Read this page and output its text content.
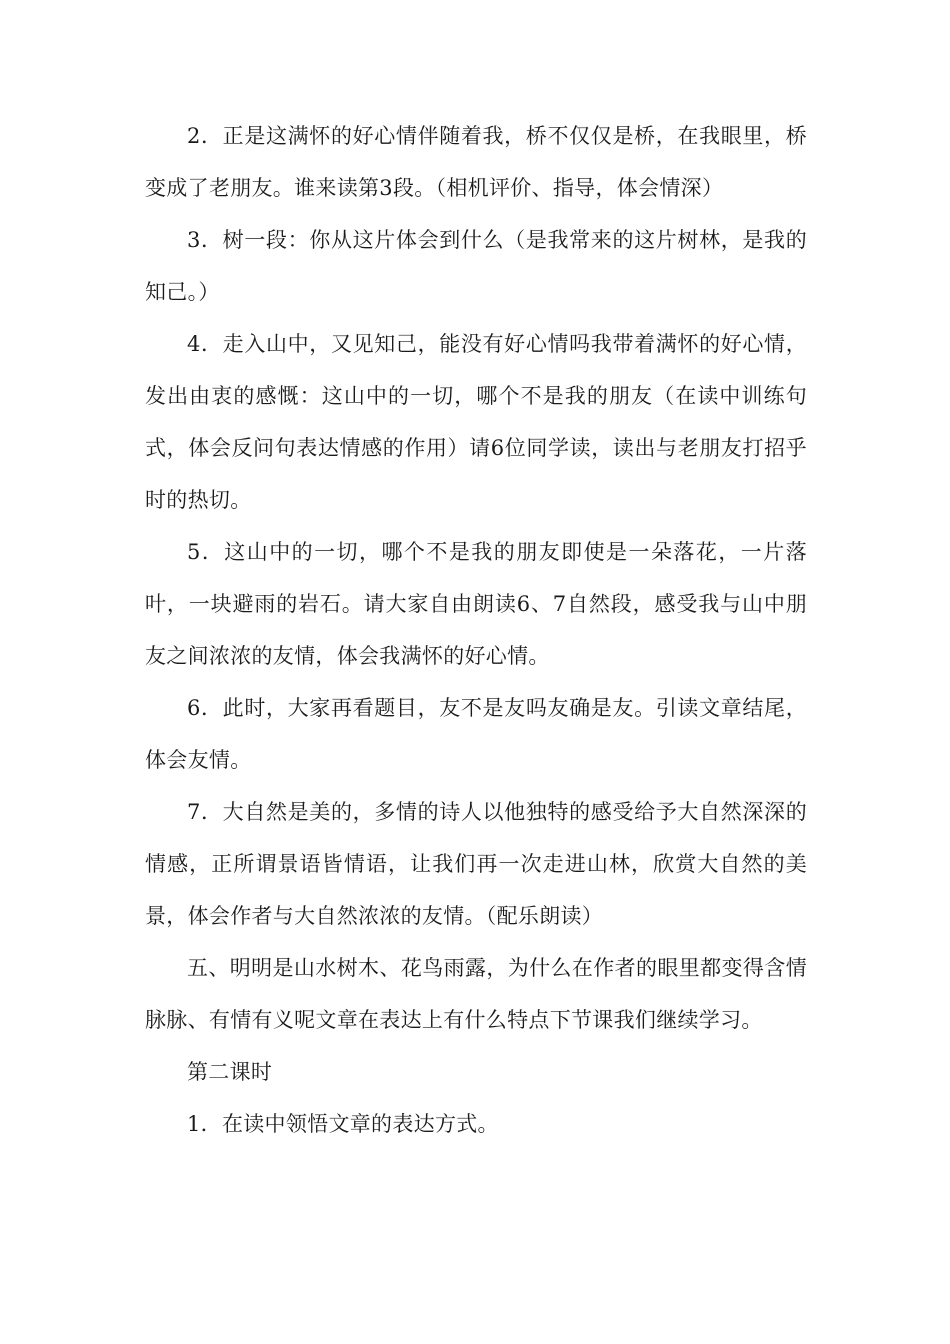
2．正是这满怀的好心情伴随着我，桥不仅仅是桥，在我眼里，桥变成了老朋友。谁来读第3段。（相机评价、指导，体会情深）

3．树一段：你从这片体会到什么（是我常来的这片树林，是我的知己。）

4．走入山中，又见知己，能没有好心情吗我带着满怀的好心情，发出由衷的感慨：这山中的一切，哪个不是我的朋友（在读中训练句式，体会反问句表达情感的作用）请6位同学读，读出与老朋友打招乎时的热切。

5．这山中的一切，哪个不是我的朋友即使是一朵落花，一片落叶，一块避雨的岩石。请大家自由朗读6、7自然段，感受我与山中朋友之间浓浓的友情，体会我满怀的好心情。

6．此时，大家再看题目，友不是友吗友确是友。引读文章结尾，体会友情。

7．大自然是美的，多情的诗人以他独特的感受给予大自然深深的情感，正所谓景语皆情语，让我们再一次走进山林，欣赏大自然的美景，体会作者与大自然浓浓的友情。（配乐朗读）

五、明明是山水树木、花鸟雨露，为什么在作者的眼里都变得含情脉脉、有情有义呢文章在表达上有什么特点下节课我们继续学习。

第二课时

1．在读中领悟文章的表达方式。
